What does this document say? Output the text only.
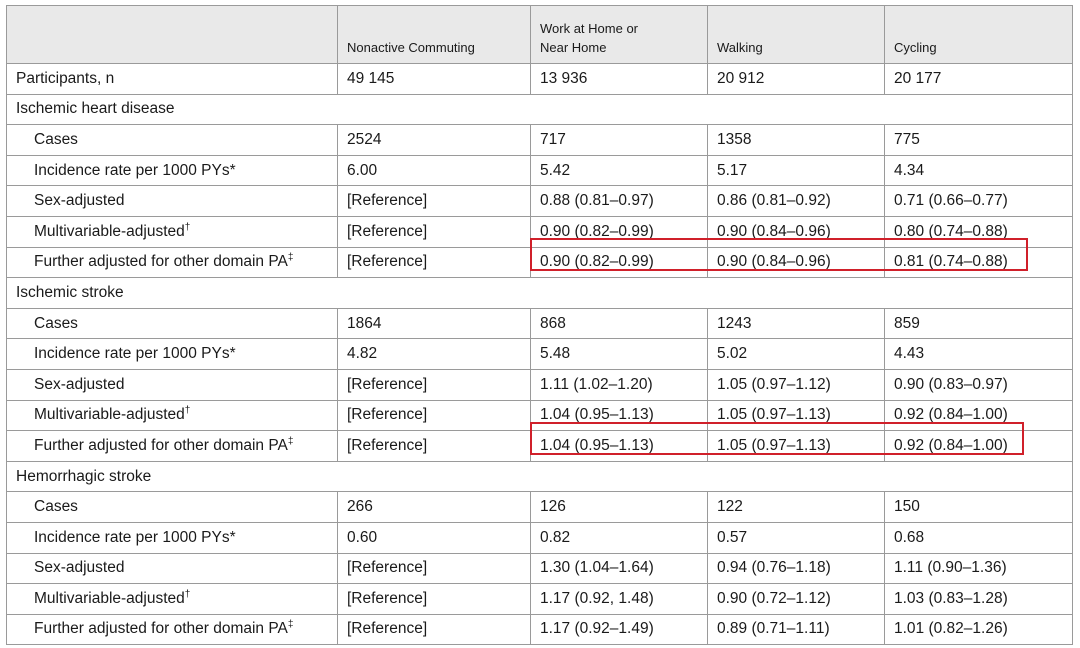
	Nonactive Commuting	Work at Home or
Near Home	Walking	Cycling
Participants, n	49 145	13 936	20 912	20 177
Ischemic heart disease				
Cases	2524	717	1358	775
Incidence rate per 1000 PYs*	6.00	5.42	5.17	4.34
Sex-adjusted	[Reference]	0.88 (0.81–0.97)	0.86 (0.81–0.92)	0.71 (0.66–0.77)
Multivariable-adjusted†	[Reference]	0.90 (0.82–0.99)	0.90 (0.84–0.96)	0.80 (0.74–0.88)
Further adjusted for other domain PA‡	[Reference]	0.90 (0.82–0.99)	0.90 (0.84–0.96)	0.81 (0.74–0.88)
Ischemic stroke				
Cases	1864	868	1243	859
Incidence rate per 1000 PYs*	4.82	5.48	5.02	4.43
Sex-adjusted	[Reference]	1.11 (1.02–1.20)	1.05 (0.97–1.12)	0.90 (0.83–0.97)
Multivariable-adjusted†	[Reference]	1.04 (0.95–1.13)	1.05 (0.97–1.13)	0.92 (0.84–1.00)
Further adjusted for other domain PA‡	[Reference]	1.04 (0.95–1.13)	1.05 (0.97–1.13)	0.92 (0.84–1.00)
Hemorrhagic stroke				
Cases	266	126	122	150
Incidence rate per 1000 PYs*	0.60	0.82	0.57	0.68
Sex-adjusted	[Reference]	1.30 (1.04–1.64)	0.94 (0.76–1.18)	1.11 (0.90–1.36)
Multivariable-adjusted†	[Reference]	1.17 (0.92, 1.48)	0.90 (0.72–1.12)	1.03 (0.83–1.28)
Further adjusted for other domain PA‡	[Reference]	1.17 (0.92–1.49)	0.89 (0.71–1.11)	1.01 (0.82–1.26)
